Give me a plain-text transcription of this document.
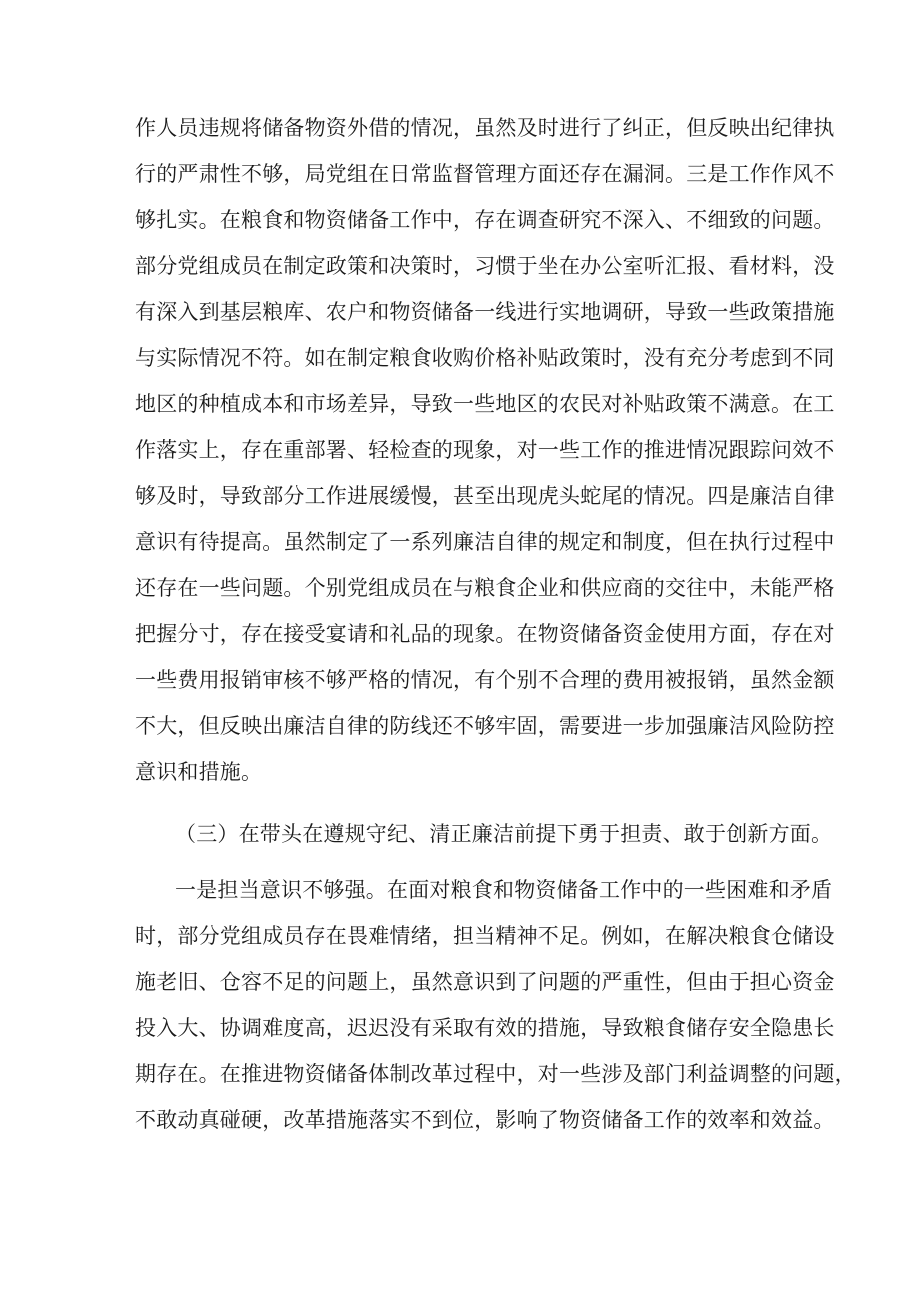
作人员违规将储备物资外借的情况，虽然及时进行了纠正，但反映出纪律执
行的严肃性不够，局党组在日常监督管理方面还存在漏洞。三是工作作风不
够扎实。在粮食和物资储备工作中，存在调查研究不深入、不细致的问题。
部分党组成员在制定政策和决策时，习惯于坐在办公室听汇报、看材料，没
有深入到基层粮库、农户和物资储备一线进行实地调研，导致一些政策措施
与实际情况不符。如在制定粮食收购价格补贴政策时，没有充分考虑到不同
地区的种植成本和市场差异，导致一些地区的农民对补贴政策不满意。在工
作落实上，存在重部署、轻检查的现象，对一些工作的推进情况跟踪问效不
够及时，导致部分工作进展缓慢，甚至出现虎头蛇尾的情况。四是廉洁自律
意识有待提高。虽然制定了一系列廉洁自律的规定和制度，但在执行过程中
还存在一些问题。个别党组成员在与粮食企业和供应商的交往中，未能严格
把握分寸，存在接受宴请和礼品的现象。在物资储备资金使用方面，存在对
一些费用报销审核不够严格的情况，有个别不合理的费用被报销，虽然金额
不大，但反映出廉洁自律的防线还不够牢固，需要进一步加强廉洁风险防控
意识和措施。
（三）在带头在遵规守纪、清正廉洁前提下勇于担责、敢于创新方面。
一是担当意识不够强。在面对粮食和物资储备工作中的一些困难和矛盾
时，部分党组成员存在畏难情绪，担当精神不足。例如，在解决粮食仓储设
施老旧、仓容不足的问题上，虽然意识到了问题的严重性，但由于担心资金
投入大、协调难度高，迟迟没有采取有效的措施，导致粮食储存安全隐患长
期存在。在推进物资储备体制改革过程中，对一些涉及部门利益调整的问题，
不敢动真碰硬，改革措施落实不到位，影响了物资储备工作的效率和效益。
